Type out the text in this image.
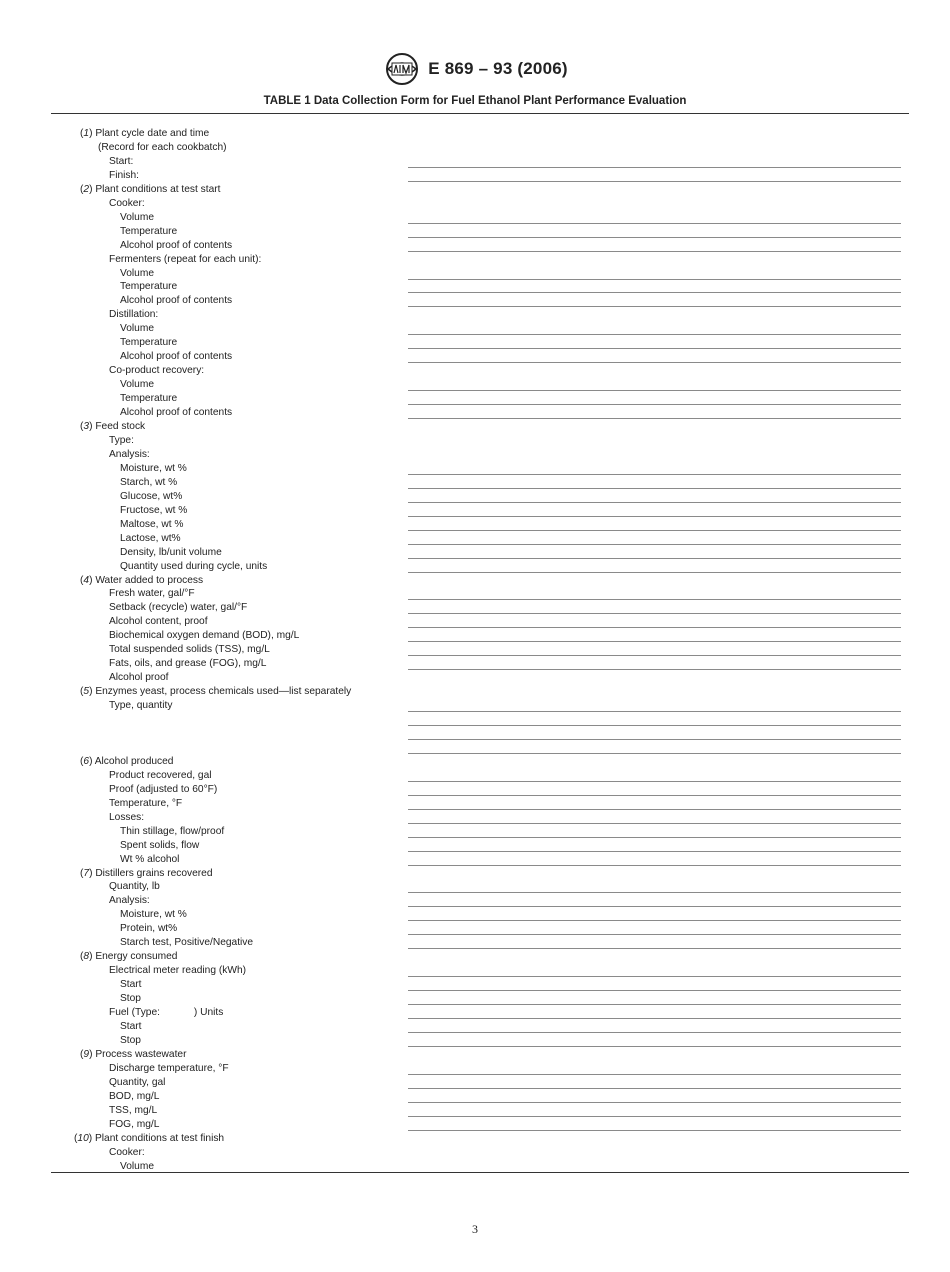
E 869 – 93 (2006)
TABLE 1 Data Collection Form for Fuel Ethanol Plant Performance Evaluation
(1) Plant cycle date and time
(Record for each cookbatch)
Start:
Finish:
(2) Plant conditions at test start
Cooker:
Volume
Temperature
Alcohol proof of contents
Fermenters (repeat for each unit):
Volume
Temperature
Alcohol proof of contents
Distillation:
Volume
Temperature
Alcohol proof of contents
Co-product recovery:
Volume
Temperature
Alcohol proof of contents
(3) Feed stock
Type:
Analysis:
Moisture, wt %
Starch, wt %
Glucose, wt%
Fructose, wt %
Maltose, wt %
Lactose, wt%
Density, lb/unit volume
Quantity used during cycle, units
(4) Water added to process
Fresh water, gal/°F
Setback (recycle) water, gal/°F
Alcohol content, proof
Biochemical oxygen demand (BOD), mg/L
Total suspended solids (TSS), mg/L
Fats, oils, and grease (FOG), mg/L
Alcohol proof
(5) Enzymes yeast, process chemicals used—list separately
Type, quantity
(6) Alcohol produced
Product recovered, gal
Proof (adjusted to 60°F)
Temperature, °F
Losses:
Thin stillage, flow/proof
Spent solids, flow
Wt % alcohol
(7) Distillers grains recovered
Quantity, lb
Analysis:
Moisture, wt %
Protein, wt%
Starch test, Positive/Negative
(8) Energy consumed
Electrical meter reading (kWh)
Start
Stop
Fuel (Type:            ) Units
Start
Stop
(9) Process wastewater
Discharge temperature, °F
Quantity, gal
BOD, mg/L
TSS, mg/L
FOG, mg/L
(10) Plant conditions at test finish
Cooker:
Volume
3
